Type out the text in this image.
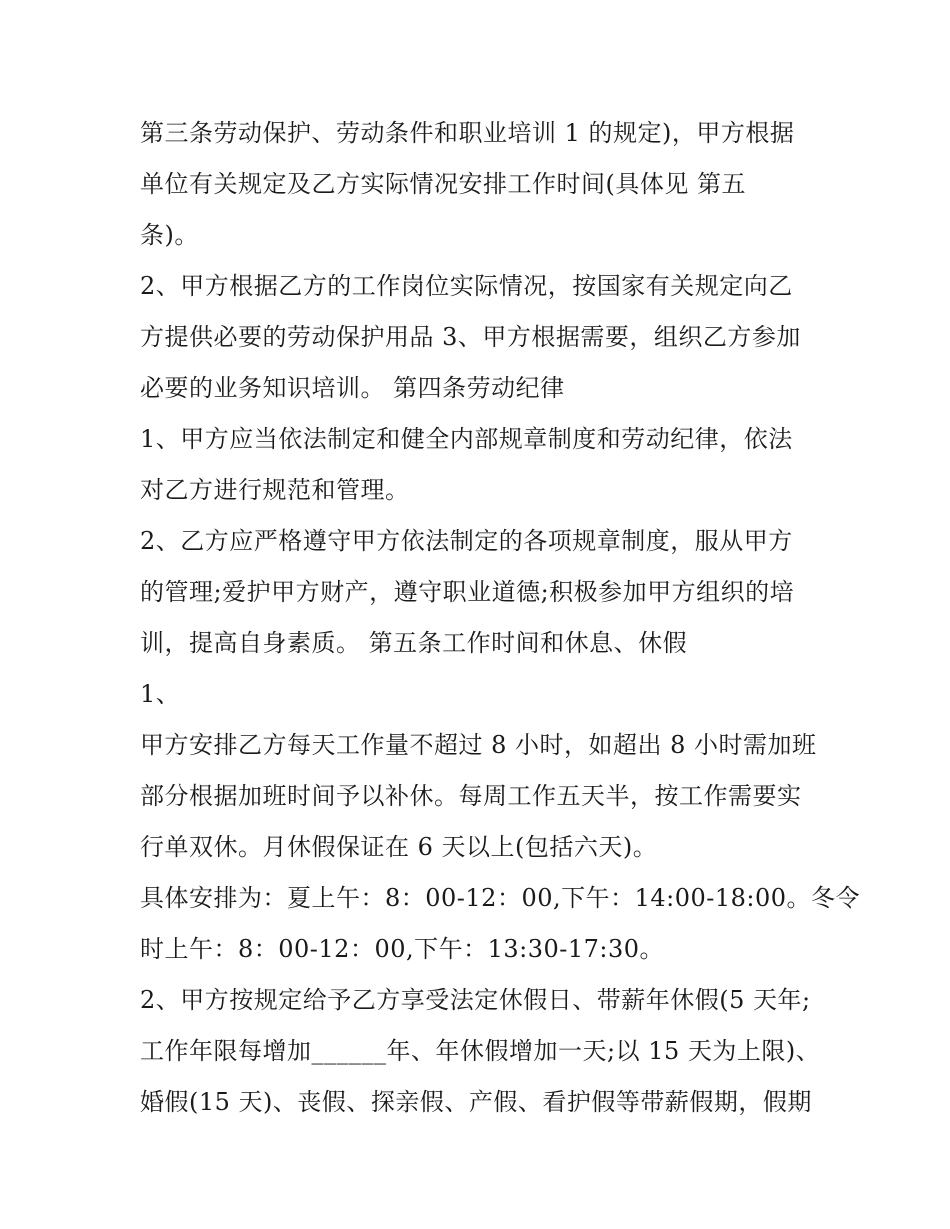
第三条劳动保护、劳动条件和职业培训 1 的规定)，甲方根据
单位有关规定及乙方实际情况安排工作时间(具体见 第五
条)。
2、甲方根据乙方的工作岗位实际情况，按国家有关规定向乙
方提供必要的劳动保护用品 3、甲方根据需要，组织乙方参加
必要的业务知识培训。 第四条劳动纪律
1、甲方应当依法制定和健全内部规章制度和劳动纪律，依法
对乙方进行规范和管理。
2、乙方应严格遵守甲方依法制定的各项规章制度，服从甲方
的管理;爱护甲方财产，遵守职业道德;积极参加甲方组织的培
训，提高自身素质。 第五条工作时间和休息、休假
1、
甲方安排乙方每天工作量不超过 8 小时，如超出 8 小时需加班
部分根据加班时间予以补休。每周工作五天半，按工作需要实
行单双休。月休假保证在 6 天以上(包括六天)。
具体安排为：夏上午：8：00-12：00,下午：14:00-18:00。冬令
时上午：8：00-12：00,下午：13:30-17:30。
2、甲方按规定给予乙方享受法定休假日、带薪年休假(5 天年;
工作年限每增加______年、年休假增加一天;以 15 天为上限)、
婚假(15 天)、丧假、探亲假、产假、看护假等带薪假期，假期
